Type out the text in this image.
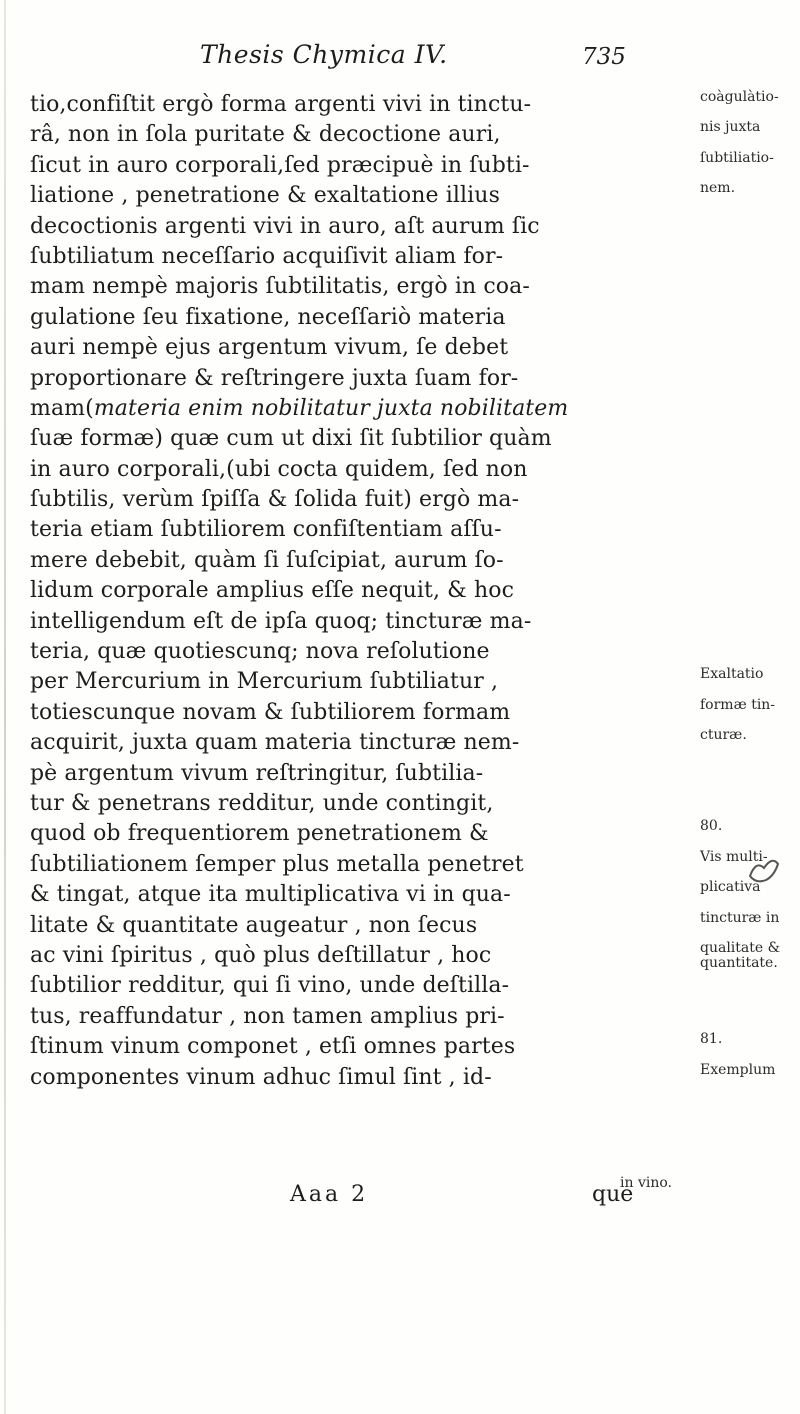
Thesis Chymica IV.	735
tio,confiſtit ergò forma argenti vivi in tinctu-	coàgulàtio-
râ, non in ſola puritate & decoctione auri,	nis juxta
ſicut in auro corporali,ſed præcipuè in ſubti-	ſubtiliatio-
liatione , penetratione & exaltatione illius	nem.
decoctionis argenti vivi in auro, aſt aurum ſic
ſubtiliatum neceſſario acquiſivit aliam for-
mam nempè majoris ſubtilitatis, ergò in coa-
gulatione ſeu fixatione, neceſſariò materia
auri nempè ejus argentum vivum, ſe debet
proportionare & reſtringere juxta ſuam for-
mam(materia enim nobilitatur juxta nobilitatem
ſuæ formæ) quæ cum ut dixi ſit ſubtilior quàm
in auro corporali,(ubi cocta quidem, ſed non
ſubtilis, verùm ſpiſſa & ſolida fuit) ergò ma-
teria etiam ſubtiliorem confiſtentiam aſſu-
mere debebit, quàm ſi ſuſcipiat, aurum ſo-
lidum corporale amplius eſſe nequit, & hoc
intelligendum eſt de ipſa quoq; tincturæ ma-
teria, quæ quotiescunq; nova reſolutione
per Mercurium in Mercurium ſubtiliatur ,	Exaltatio
totiescunque novam & ſubtiliorem formam	formæ tin-
acquirit, juxta quam materia tincturæ nem-	cturæ.
pè argentum vivum reſtringitur, ſubtilia-
tur & penetrans redditur, unde contingit,
quod ob frequentiorem penetrationem &	80.
ſubtiliationem ſemper plus metalla penetret	Vis multi-
& tingat, atque ita multiplicativa vi in qua-	plicativa
litate & quantitate augeatur , non ſecus	tincturæ in
ac vini ſpiritus , quò plus deſtillatur , hoc	qualitate & quantitate.
ſubtilior redditur, qui ſi vino, unde deſtilla-
tus, reaffundatur , non tamen amplius pri-
ſtinum vinum componet , etſi omnes partes	81.
componentes vinum adhuc ſimul ſint , id-	Exemplum
Aaa 2	que
in vino.
